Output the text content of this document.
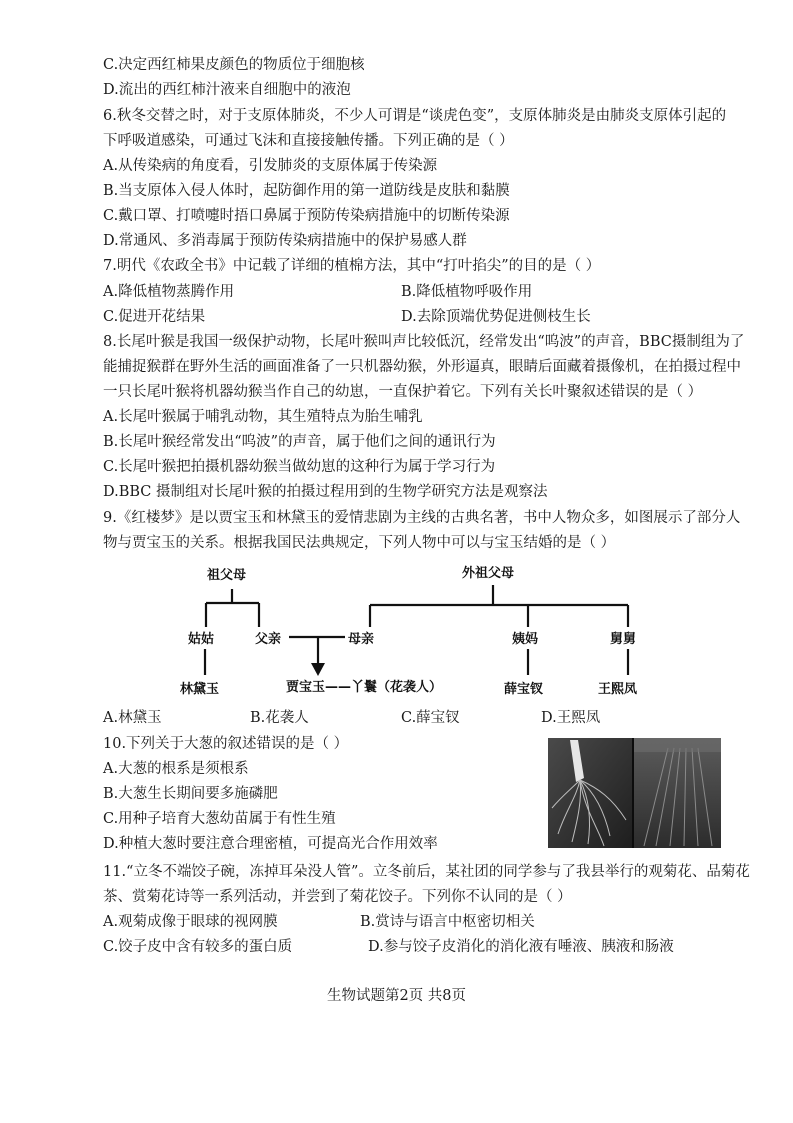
C.决定西红柿果皮颜色的物质位于细胞核
D.流出的西红柿汁液来自细胞中的液泡
6.秋冬交替之时，对于支原体肺炎，不少人可谓是“谈虎色变”，支原体肺炎是由肺炎支原体引起的
下呼吸道感染，可通过飞沫和直接接触传播。下列正确的是（ ）
A.从传染病的角度看，引发肺炎的支原体属于传染源
B.当支原体入侵人体时，起防御作用的第一道防线是皮肤和黏膜
C.戴口罩、打喷嚏时捂口鼻属于预防传染病措施中的切断传染源
D.常通风、多消毒属于预防传染病措施中的保护易感人群
7.明代《农政全书》中记载了详细的植棉方法，其中“打叶掐尖”的目的是（ ）
A.降低植物蒸腾作用	B.降低植物呼吸作用
C.促进开花结果	D.去除顶端优势促进侧枝生长
8.长尾叶猴是我国一级保护动物，长尾叶猴叫声比较低沉，经常发出“呜波”的声音，BBC摄制组为了
能捕捉猴群在野外生活的画面准备了一只机器幼猴，外形逼真，眼睛后面藏着摄像机，在拍摄过程中
一只长尾叶猴将机器幼猴当作自己的幼崽，一直保护着它。下列有关长叶聚叙述错误的是（ ）
A.长尾叶猴属于哺乳动物，其生殖特点为胎生哺乳
B.长尾叶猴经常发出“呜波”的声音，属于他们之间的通讯行为
C.长尾叶猴把拍摄机器幼猴当做幼崽的这种行为属于学习行为
D.BBC 摄制组对长尾叶猴的拍摄过程用到的生物学研究方法是观察法
9.《红楼梦》是以贾宝玉和林黛玉的爱情悲剧为主线的古典名著，书中人物众多，如图展示了部分人
物与贾宝玉的关系。根据我国民法典规定，下列人物中可以与宝玉结婚的是（ ）
祖父母	外祖父母
姑姑	父亲	母亲	姨妈	舅舅
林黛玉	贾宝玉——丫鬟（花袭人）	薛宝钗	王熙凤
A.林黛玉	B.花袭人	C.薛宝钗	D.王熙凤
10.下列关于大葱的叙述错误的是（ ）
A.大葱的根系是须根系
B.大葱生长期间要多施磷肥
C.用种子培育大葱幼苗属于有性生殖
D.种植大葱时要注意合理密植，可提高光合作用效率
11.“立冬不端饺子碗，冻掉耳朵没人管”。立冬前后，某社团的同学参与了我县举行的观菊花、品菊花
茶、赏菊花诗等一系列活动，并尝到了菊花饺子。下列你不认同的是（ ）
A.观菊成像于眼球的视网膜	B.赏诗与语言中枢密切相关
C.饺子皮中含有较多的蛋白质	D.参与饺子皮消化的消化液有唾液、胰液和肠液
生物试题第2页 共8页
